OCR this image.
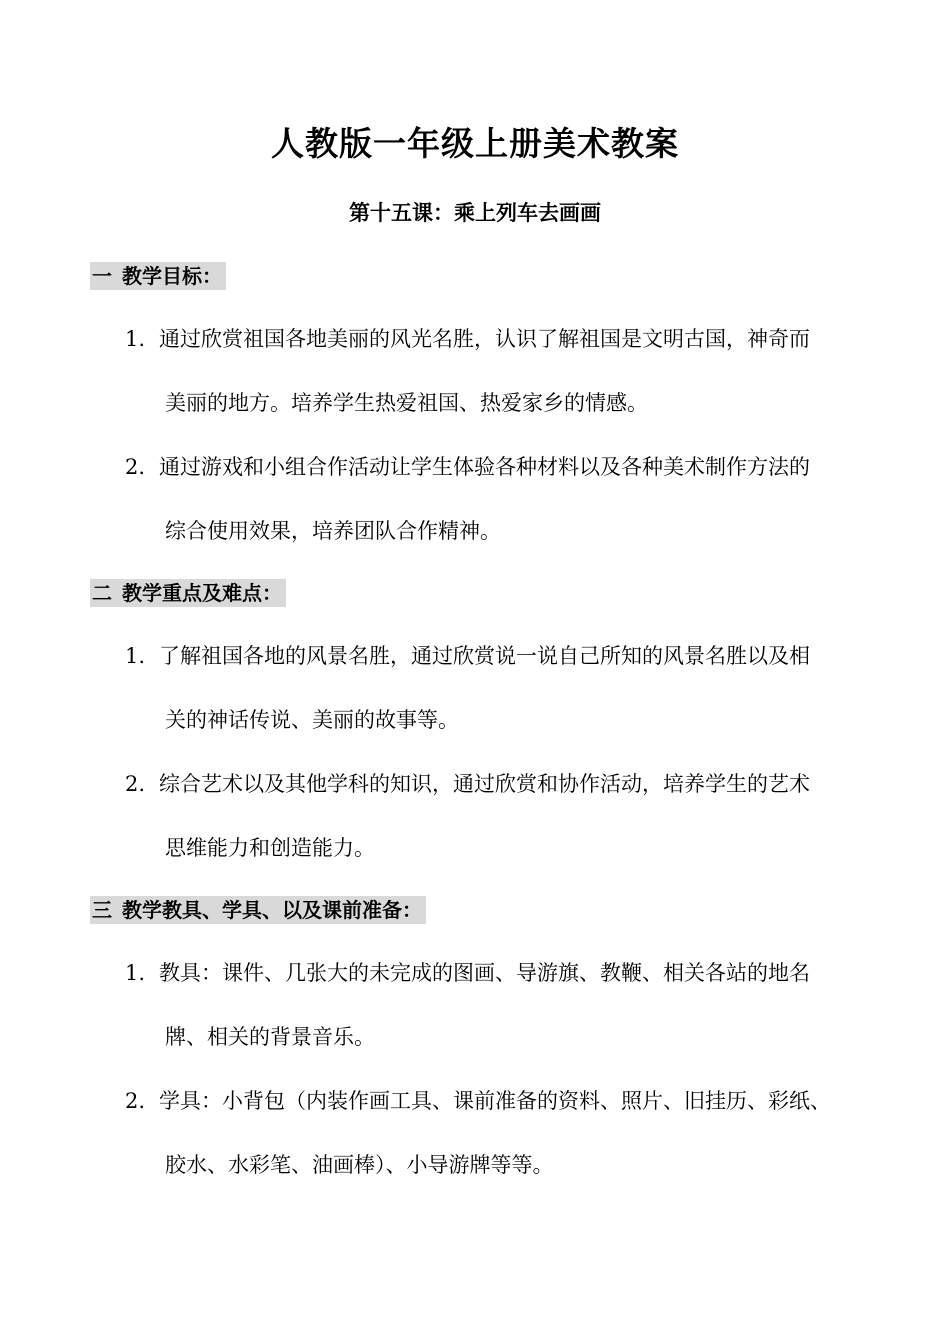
人教版一年级上册美术教案
第十五课：乘上列车去画画
一 教学目标：
1. 通过欣赏祖国各地美丽的风光名胜，认识了解祖国是文明古国，神奇而
美丽的地方。培养学生热爱祖国、热爱家乡的情感。
2. 通过游戏和小组合作活动让学生体验各种材料以及各种美术制作方法的
综合使用效果，培养团队合作精神。
二 教学重点及难点：
1. 了解祖国各地的风景名胜，通过欣赏说一说自己所知的风景名胜以及相
关的神话传说、美丽的故事等。
2. 综合艺术以及其他学科的知识，通过欣赏和协作活动，培养学生的艺术
思维能力和创造能力。
三 教学教具、学具、以及课前准备：
1. 教具：课件、几张大的未完成的图画、导游旗、教鞭、相关各站的地名
牌、相关的背景音乐。
2. 学具：小背包（内装作画工具、课前准备的资料、照片、旧挂历、彩纸、
胶水、水彩笔、油画棒）、小导游牌等等。
